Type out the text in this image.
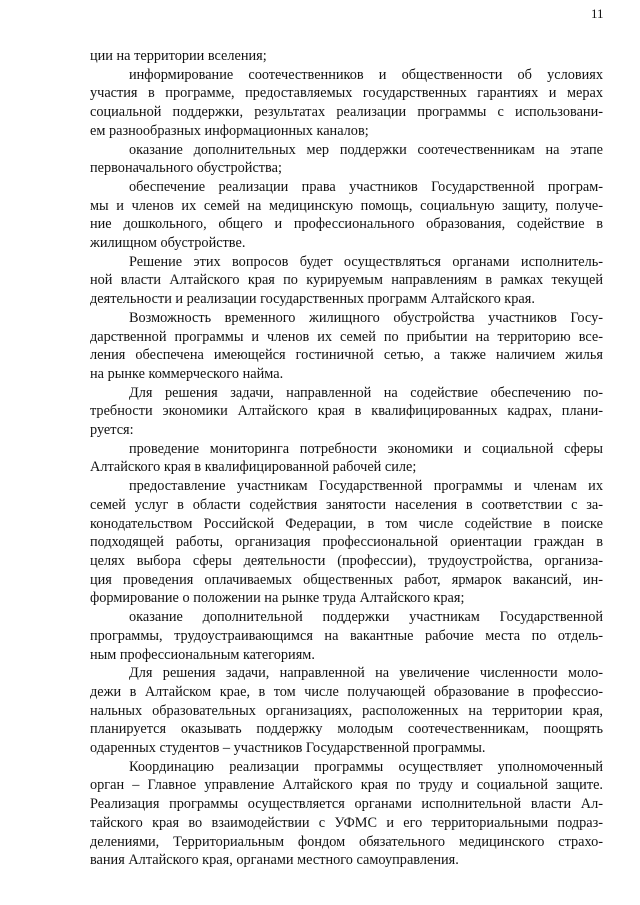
11
ции на территории вселения;
информирование соотечественников и общественности об условиях
участия в программе, предоставляемых государственных гарантиях и мерах
социальной поддержки, результатах реализации программы с использовани-
ем разнообразных информационных каналов;
оказание дополнительных мер поддержки соотечественникам на этапе
первоначального обустройства;
обеспечение реализации права участников Государственной програм-
мы и членов их семей на медицинскую помощь, социальную защиту, получе-
ние дошкольного, общего и профессионального образования, содействие в
жилищном обустройстве.
Решение этих вопросов будет осуществляться органами исполнитель-
ной власти Алтайского края по курируемым направлениям в рамках текущей
деятельности и реализации государственных программ Алтайского края.
Возможность временного жилищного обустройства участников Госу-
дарственной программы и членов их семей по прибытии на территорию все-
ления обеспечена имеющейся гостиничной сетью, а также наличием жилья
на рынке коммерческого найма.
Для решения задачи, направленной на содействие обеспечению по-
требности экономики Алтайского края в квалифицированных кадрах, плани-
руется:
проведение мониторинга потребности экономики и социальной сферы
Алтайского края в квалифицированной рабочей силе;
предоставление участникам Государственной программы и членам их
семей услуг в области содействия занятости населения в соответствии с за-
конодательством Российской Федерации, в том числе содействие в поиске
подходящей работы, организация профессиональной ориентации граждан в
целях выбора сферы деятельности (профессии), трудоустройства, организа-
ция проведения оплачиваемых общественных работ, ярмарок вакансий, ин-
формирование о положении на рынке труда Алтайского края;
оказание дополнительной поддержки участникам Государственной
программы, трудоустраивающимся на вакантные рабочие места по отдель-
ным профессиональным категориям.
Для решения задачи, направленной на увеличение численности моло-
дежи в Алтайском крае, в том числе получающей образование в профессио-
нальных образовательных организациях, расположенных на территории края,
планируется оказывать поддержку молодым соотечественникам, поощрять
одаренных студентов – участников Государственной программы.
Координацию реализации программы осуществляет уполномоченный
орган – Главное управление Алтайского края по труду и социальной защите.
Реализация программы осуществляется органами исполнительной власти Ал-
тайского края во взаимодействии с УФМС и его территориальными подраз-
делениями, Территориальным фондом обязательного медицинского страхо-
вания Алтайского края, органами местного самоуправления.
